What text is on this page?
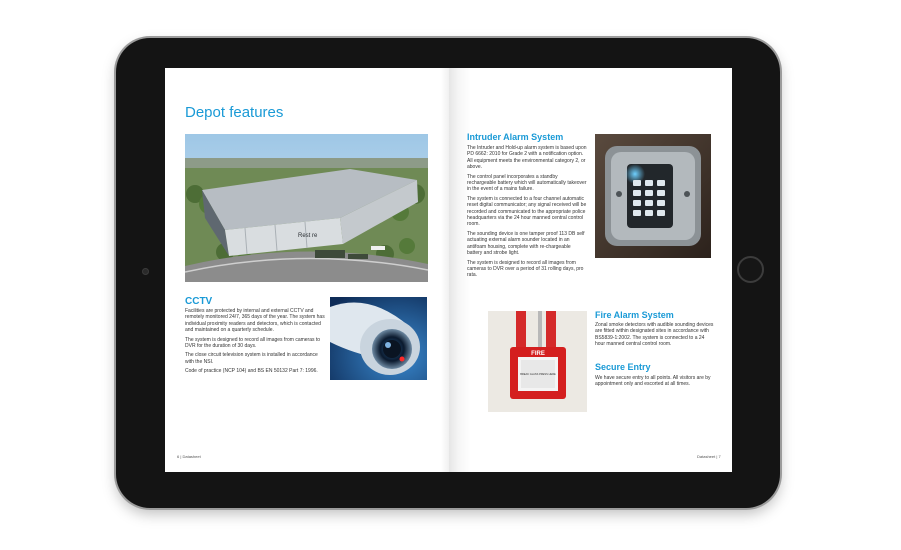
Depot features
Rest re
CCTV

Facilities are protected by internal and external CCTV and remotely monitored 24/7, 365 days of the year. The system has individual proximity readers and detectors, which is contacted and maintained on a quarterly schedule.

The system is designed to record all images from cameras to DVR for the duration of 30 days.

The close circuit television system is installed in accordance with the NSI.

Code of practice (NCP 104) and BS EN 50132 Part 7: 1996.

6 | Datasheet
Intruder Alarm System

The Intruder and Hold-up alarm system is based upon PD 6662: 2010 for Grade 2 with a notification option. All equipment meets the environmental category 2, or above.

The control panel incorporates a standby rechargeable battery which will automatically takeover in the event of a mains failure.

The system is connected to a four channel automatic reset digital communicator; any signal received will be recorded and communicated to the appropriate police headquarters via the 24 hour manned central control room.

The sounding device is one tamper proof 113 DB self actuating external alarm sounder located in an antifoam housing, complete with re-chargeable battery and strobe light.

The system is designed to record all images from cameras to DVR over a period of 31 rolling days, pro rata.

FIRE
BREAK GLASS PRESS HERE
Fire Alarm System

Zonal smoke detectors with audible sounding devices are fitted within designated sites in accordance with BS5839-1:2002. The system is connected to a 24 hour manned central control room.

Secure Entry

We have secure entry to all points. All visitors are by appointment only and escorted at all times.

Datasheet | 7
